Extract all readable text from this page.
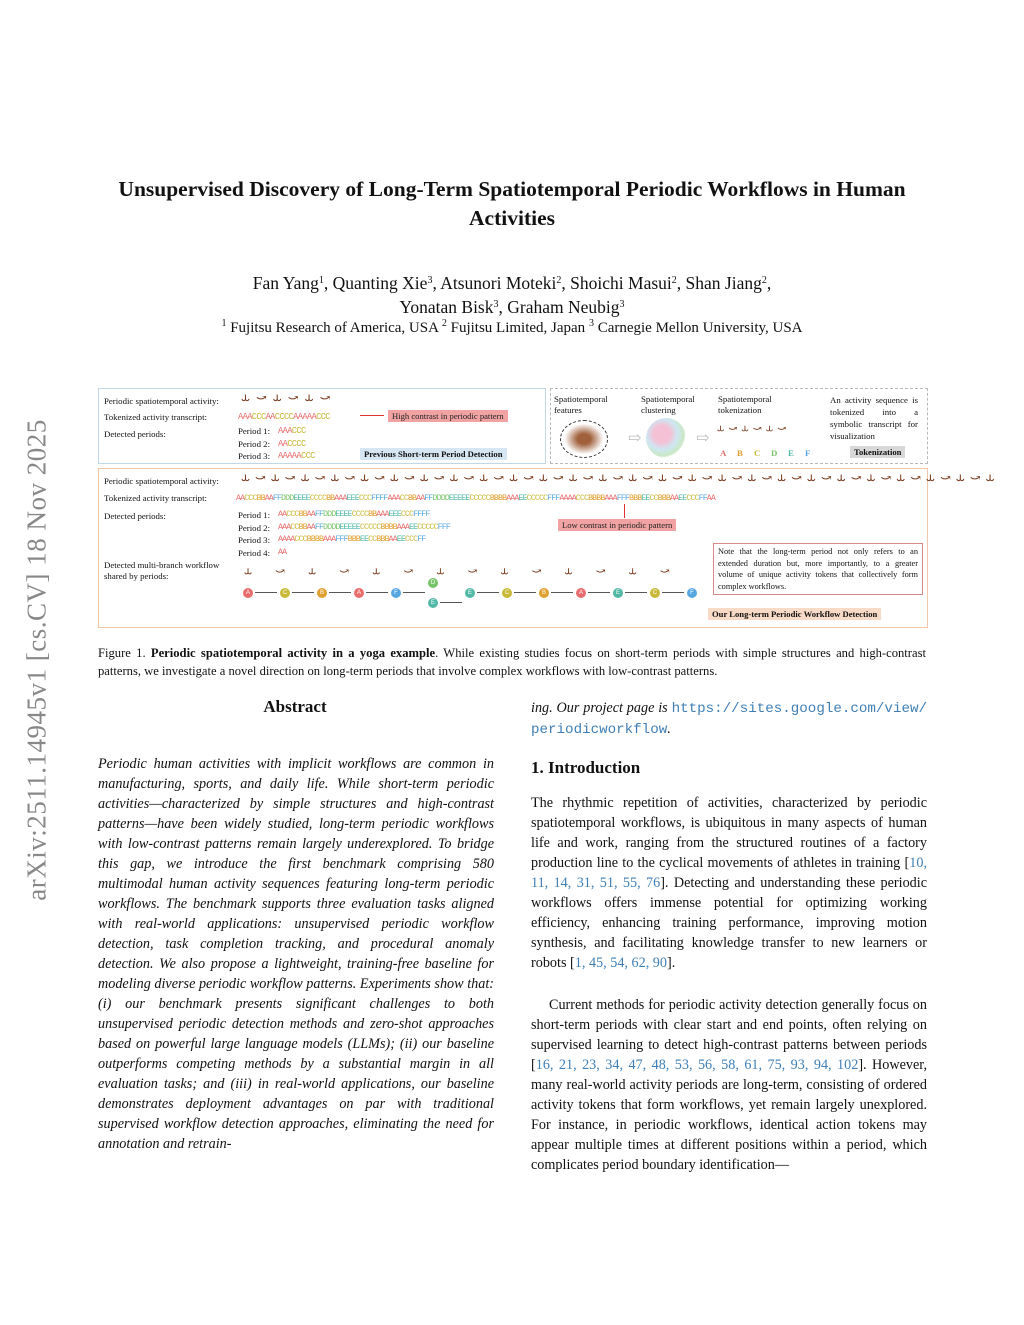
arXiv:2511.14945v1 [cs.CV] 18 Nov 2025
Unsupervised Discovery of Long-Term Spatiotemporal Periodic Workflows in Human Activities
Fan Yang$^1$, Quanting Xie$^3$, Atsunori Moteki$^2$, Shoichi Masui$^2$, Shan Jiang$^2$,
Yonatan Bisk$^3$, Graham Neubig$^3$
$^1$ Fujitsu Research of America, USA $^2$ Fujitsu Limited, Japan $^3$ Carnegie Mellon University, USA
Periodic spatiotemporal activity: ⥿⤻⥿⤻⥿⤻
Tokenized activity transcript:	AAACCCAACCCCAAAAACCC	High contrast in periodic pattern
Detected periods:	Period 1: AAACCC
Period 2: AACCCC
Period 3: AAAAACCC	Previous Short-term Period Detection
Spatiotemporal features
Spatiotemporal clustering
Spatiotemporal tokenization
⇨	⇨
⥿⤻⥿⤻⥿⤻
A B C D E F
An activity sequence is tokenized into a symbolic transcript for visualization
Tokenization
Periodic spatiotemporal activity: ⥿⤻⥿⤻⥿⤻⥿⤻⥿⤻⥿⤻⥿⤻⥿⤻⥿⤻⥿⤻⥿⤻⥿⤻⥿⤻⥿⤻⥿⤻⥿⤻⥿⤻⥿⤻⥿⤻⥿⤻⥿⤻⥿⤻⥿⤻⥿⤻⥿⤻⥿
Tokenized activity transcript:	AACCCBBAAFFDDDEEEECCCCBBAAAEEECCCFFFFAAACCBBAAFFDDDDEEEEECCCCCBBBBAAAEECCCCCFFFAAAACCCBBBBAAAFFFBBBEECCBBBAAEECCCFFAA
Detected periods:	Period 1: AACCCBBAAFFDDDEEEECCCCBBAAAEEECCCFFFF
Period 2: AAACCBBAAFFDDDDEEEEECCCCCBBBBAAAEECCCCCFFF
Period 3: AAAACCCBBBBAAAFFFBBBEECCBBBAAEECCCFF
Period 4: AA
Low contrast in periodic pattern
Detected multi-branch workflow shared by periods:	⥿⤻⥿⤻⥿⤻⥿⤻⥿⤻⥿⤻⥿⤻
A	C	B	A	F
D
E
E	C	B	A	E	C	F
Note that the long-term period not only refers to an extended duration but, more importantly, to a greater volume of unique activity tokens that collectively form complex workflows.
Our Long-term Periodic Workflow Detection
Figure 1. Periodic spatiotemporal activity in a yoga example. While existing studies focus on short-term periods with simple structures and high-contrast patterns, we investigate a novel direction on long-term periods that involve complex workflows with low-contrast patterns.
Abstract
Periodic human activities with implicit workflows are common in manufacturing, sports, and daily life. While short-term periodic activities—characterized by simple structures and high-contrast patterns—have been widely studied, long-term periodic workflows with low-contrast patterns remain largely underexplored. To bridge this gap, we introduce the first benchmark comprising 580 multimodal human activity sequences featuring long-term periodic workflows. The benchmark supports three evaluation tasks aligned with real-world applications: unsupervised periodic workflow detection, task completion tracking, and procedural anomaly detection. We also propose a lightweight, training-free baseline for modeling diverse periodic workflow patterns. Experiments show that: (i) our benchmark presents significant challenges to both unsupervised periodic detection methods and zero-shot approaches based on powerful large language models (LLMs); (ii) our baseline outperforms competing methods by a substantial margin in all evaluation tasks; and (iii) in real-world applications, our baseline demonstrates deployment advantages on par with traditional supervised workflow detection approaches, eliminating the need for annotation and retrain-
ing. Our project page is https://sites.google.com/view/periodicworkflow.
1. Introduction
The rhythmic repetition of activities, characterized by periodic spatiotemporal workflows, is ubiquitous in many aspects of human life and work, ranging from the structured routines of a factory production line to the cyclical movements of athletes in training [10, 11, 14, 31, 51, 55, 76]. Detecting and understanding these periodic workflows offers immense potential for optimizing working efficiency, enhancing training performance, improving motion synthesis, and facilitating knowledge transfer to new learners or robots [1, 45, 54, 62, 90].
Current methods for periodic activity detection generally focus on short-term periods with clear start and end points, often relying on supervised learning to detect high-contrast patterns between periods [16, 21, 23, 34, 47, 48, 53, 56, 58, 61, 75, 93, 94, 102]. However, many real-world activity periods are long-term, consisting of ordered activity tokens that form workflows, yet remain largely unexplored. For instance, in periodic workflows, identical action tokens may appear multiple times at different positions within a period, which complicates period boundary identification—
